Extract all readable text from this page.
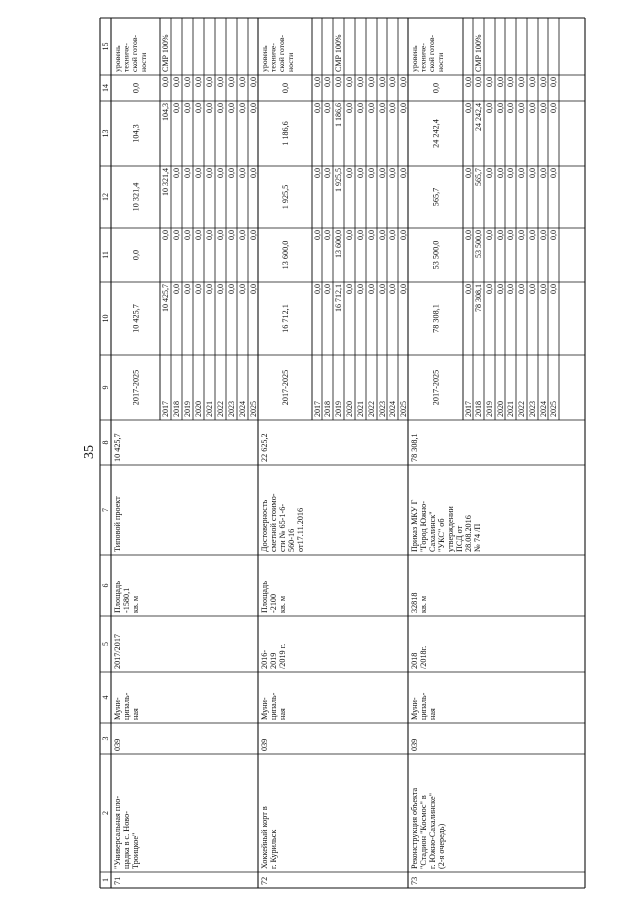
35
1
2
3
4
5
6
7
8
9
10
11
12
13
14
15
71
"Универсальная пло-щадка в с. Ново-Троицкое"
039
Муни-ципаль-ная
2017/2017
Площадь-1580,1кв. м
Типовой проект
10 425,7
2017-2025
10 425,7
0,0
10 321,4
104,3
0,0
уровеньтехниче-ской готов-ности
2017
10 425,7
0,0
10 321,4
104,3
0,0
СМР 100%
2018
0,0
0,0
0,0
0,0
0,0
2019
0,0
0,0
0,0
0,0
0,0
2020
0,0
0,0
0,0
0,0
0,0
2021
0,0
0,0
0,0
0,0
0,0
2022
0,0
0,0
0,0
0,0
0,0
2023
0,0
0,0
0,0
0,0
0,0
2024
0,0
0,0
0,0
0,0
0,0
2025
0,0
0,0
0,0
0,0
0,0
72
Хоккейный корт вг. Курильск
039
Муни-ципаль-ная
2016-2019/2019 г.
Площадь-2100кв. м
Достоверностьсметной стоимо-сти № 65-1-6-560-16от17.11.2016
22 625,2
2017-2025
16 712,1
13 600,0
1 925,5
1 186,6
0,0
уровеньтехниче-ской готов-ности
2017
0,0
0,0
0,0
0,0
0,0
2018
0,0
0,0
0,0
0,0
0,0
2019
16 712,1
13 600,0
1 925,5
1 186,6
0,0
СМР 100%
2020
0,0
0,0
0,0
0,0
0,0
2021
0,0
0,0
0,0
0,0
0,0
2022
0,0
0,0
0,0
0,0
0,0
2023
0,0
0,0
0,0
0,0
0,0
2024
0,0
0,0
0,0
0,0
0,0
2025
0,0
0,0
0,0
0,0
0,0
73
Реконструкция объекта"Стадион "Космос" вг. Южно-Сахалинске"(2-я очередь)
039
Муни-ципаль-ная
2018/2018г.
32818кв. м
Приказ МКУ Г"Город Южно-Сахалинск""УКС" обутвержденииПСД от28.08.2016№ 74 /П
78 308,1
2017-2025
78 308,1
53 500,0
565,7
24 242,4
0,0
уровеньтехниче-ской готов-ности
2017
0,0
0,0
0,0
0,0
0,0
2018
78 308,1
53 500,0
565,7
24 242,4
0,0
СМР 100%
2019
0,0
0,0
0,0
0,0
0,0
2020
0,0
0,0
0,0
0,0
0,0
2021
0,0
0,0
0,0
0,0
0,0
2022
0,0
0,0
0,0
0,0
0,0
2023
0,0
0,0
0,0
0,0
0,0
2024
0,0
0,0
0,0
0,0
0,0
2025
0,0
0,0
0,0
0,0
0,0
